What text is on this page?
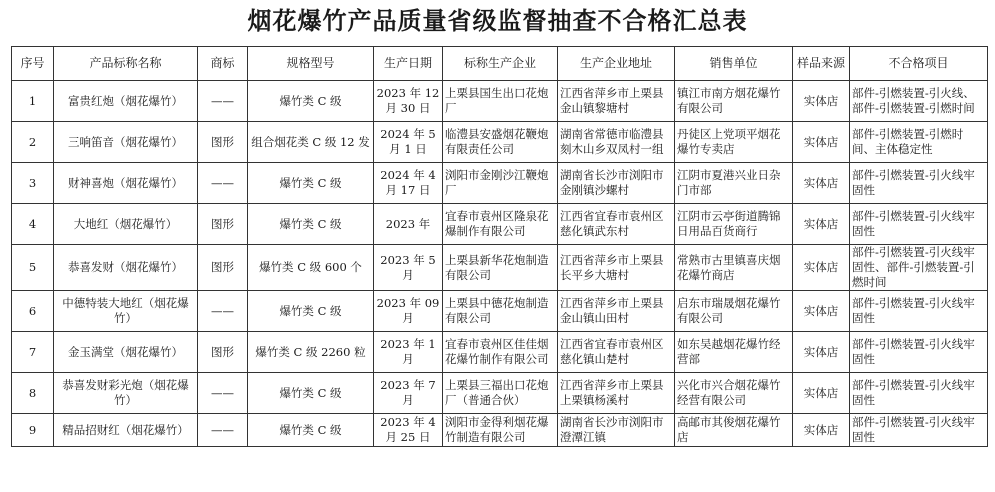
烟花爆竹产品质量省级监督抽查不合格汇总表
序号	产品标称名称	商标	规格型号	生产日期	标称生产企业	生产企业地址	销售单位	样品来源	不合格项目
1	富贵红炮（烟花爆竹）	——	爆竹类 C 级	2023 年 12 月 30 日	上栗县国生出口花炮厂	江西省萍乡市上栗县金山镇黎塘村	镇江市南方烟花爆竹有限公司	实体店	部件-引燃装置-引火线、部件-引燃装置-引燃时间
2	三响笛音（烟花爆竹）	图形	组合烟花类 C 级 12 发	2024 年 5 月 1 日	临澧县安盛烟花鞭炮有限责任公司	湖南省常德市临澧县刻木山乡双凤村一组	丹徒区上党项平烟花爆竹专卖店	实体店	部件-引燃装置-引燃时间、主体稳定性
3	财神喜炮（烟花爆竹）	——	爆竹类 C 级	2024 年 4 月 17 日	浏阳市金刚沙江鞭炮厂	湖南省长沙市浏阳市金刚镇沙螺村	江阴市夏港兴业日杂门市部	实体店	部件-引燃装置-引火线牢固性
4	大地红（烟花爆竹）	图形	爆竹类 C 级	2023 年	宜春市袁州区隆泉花爆制作有限公司	江西省宜春市袁州区慈化镇武东村	江阴市云亭街道腾锦日用品百货商行	实体店	部件-引燃装置-引火线牢固性
5	恭喜发财（烟花爆竹）	图形	爆竹类 C 级 600 个	2023 年 5 月	上栗县新华花炮制造有限公司	江西省萍乡市上栗县长平乡大塘村	常熟市古里镇喜庆烟花爆竹商店	实体店	部件-引燃装置-引火线牢固性、部件-引燃装置-引燃时间
6	中德特装大地红（烟花爆竹）	——	爆竹类 C 级	2023 年 09 月	上栗县中德花炮制造有限公司	江西省萍乡市上栗县金山镇山田村	启东市瑞晟烟花爆竹有限公司	实体店	部件-引燃装置-引火线牢固性
7	金玉满堂（烟花爆竹）	图形	爆竹类 C 级 2260 粒	2023 年 1 月	宜春市袁州区佳佳烟花爆竹制作有限公司	江西省宜春市袁州区慈化镇山楚村	如东吴越烟花爆竹经营部	实体店	部件-引燃装置-引火线牢固性
8	恭喜发财彩光炮（烟花爆竹）	——	爆竹类 C 级	2023 年 7 月	上栗县三福出口花炮厂（普通合伙）	江西省萍乡市上栗县上栗镇杨溪村	兴化市兴合烟花爆竹经营有限公司	实体店	部件-引燃装置-引火线牢固性
9	精品招财红（烟花爆竹）	——	爆竹类 C 级	2023 年 4 月 25 日	浏阳市金得利烟花爆竹制造有限公司	湖南省长沙市浏阳市澄潭江镇	高邮市其俊烟花爆竹店	实体店	部件-引燃装置-引火线牢固性
